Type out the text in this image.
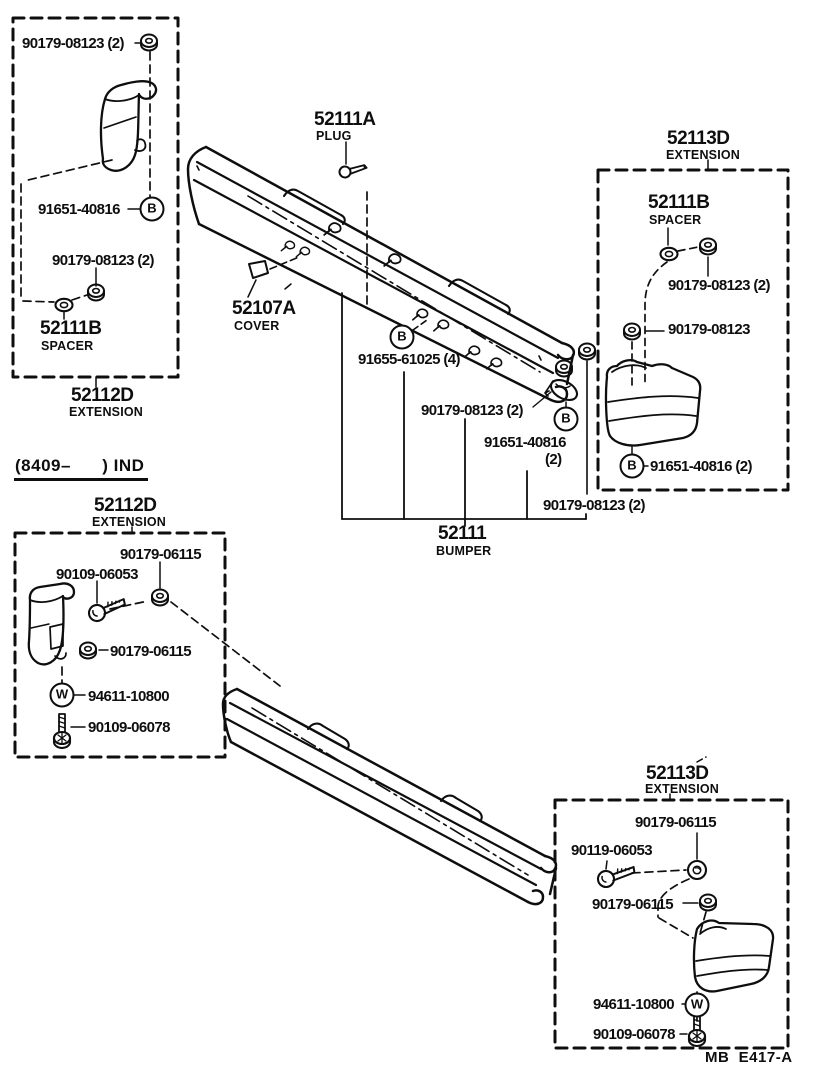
90179-08123 (2)
91651-40816
90179-08123 (2)
52111B
SPACER
52112D
EXTENSION
B
52111A
PLUG
52107A
COVER
91655-61025 (4)
B
90179-08123 (2)
91651-40816
(2)
B
90179-08123 (2)
52111
BUMPER
52113D
EXTENSION
52111B
SPACER
90179-08123 (2)
90179-08123
91651-40816 (2)
B
(8409–      ) IND
52112D
EXTENSION
90179-06115
90109-06053
90179-06115
94611-10800
90109-06078
W
52113D
EXTENSION
90179-06115
90119-06053
90179-06115
94611-10800
90109-06078
W
MB  E417-A
